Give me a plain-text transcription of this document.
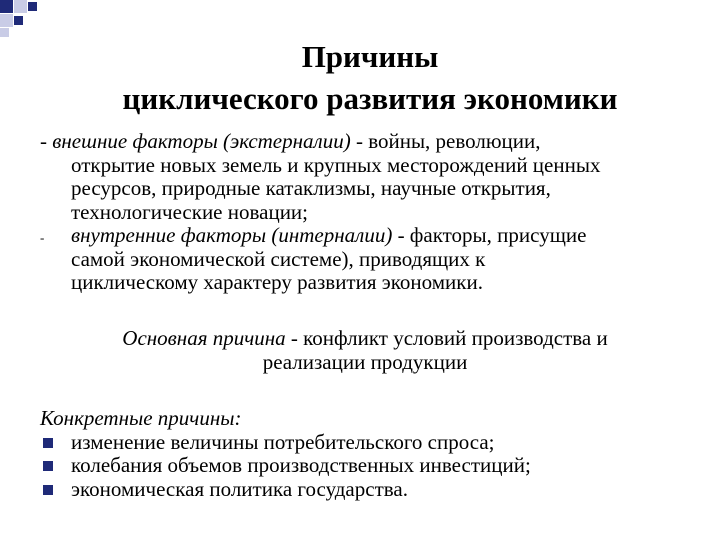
Причины
циклического развития экономики
- внешние факторы (экстерналии) - войны, революции,
открытие новых земель и крупных месторождений ценных
ресурсов, природные катаклизмы, научные открытия,
технологические новации;
-	внутренние факторы (интерналии) - факторы, присущие
самой экономической системе), приводящих к
циклическому характеру развития экономики.
Основная причина - конфликт условий производства и
реализации продукции
Конкретные причины:
изменение величины потребительского спроса;
колебания объемов производственных инвестиций;
экономическая политика государства.
